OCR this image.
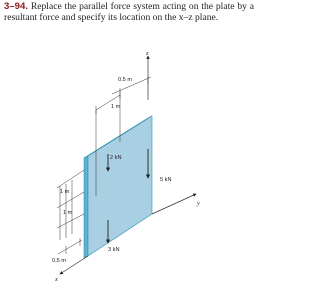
3–94. Replace the parallel force system acting on the plate by a resultant force and specify its location on the x–z plane.
z
0.5 m
1 m
y
x
2 kN
5 kN
3 kN
1 m
1 m
0.5 m
